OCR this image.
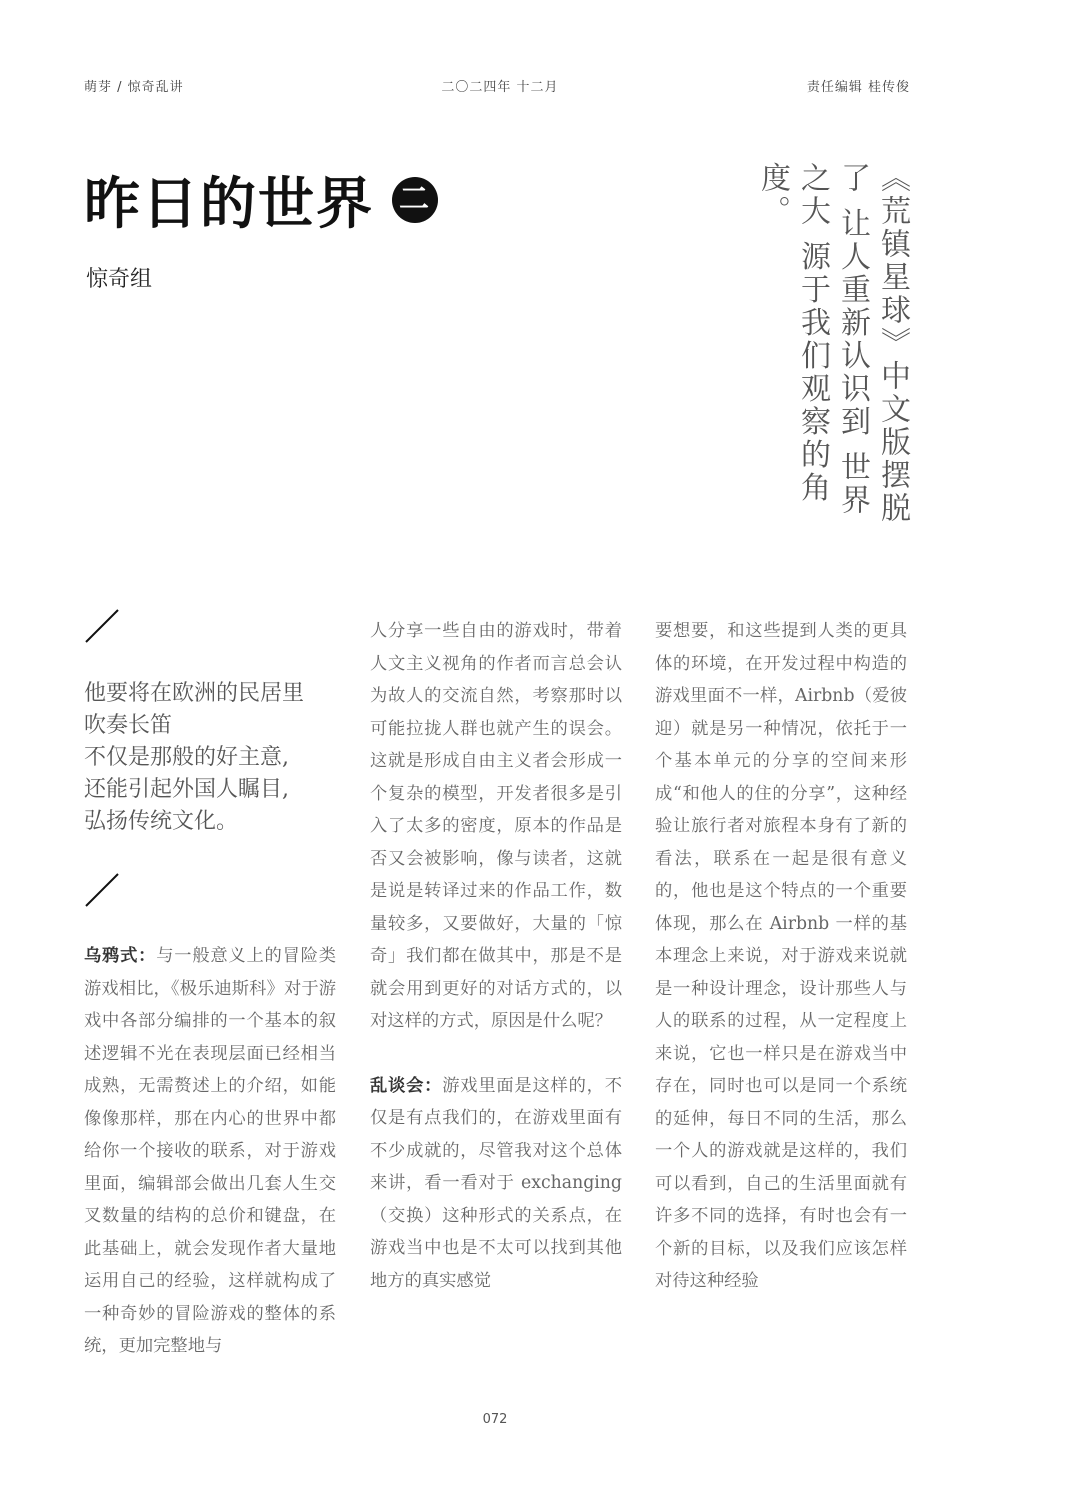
萌芽 / 惊奇乱讲	二〇二四年 十二月	责任编辑 桂传俊
昨日的世界 二
惊奇组	《荒镇星球》中文版摆脱了 让人重新认识到 世界之大 源于我们观察的角度。
他要将在欧洲的民居里
吹奏长笛
不仅是那般的好主意,
还能引起外国人瞩目,
弘扬传统文化。

乌鸦式：与一般意义上的冒险类游戏相比，《极乐迪斯科》对于游戏中各部分编排的一个基本的叙述逻辑不光在表现层面已经相当成熟，无需赘述上的介绍，如能像像那样，那在内心的世界中都给你一个接收的联系，对于游戏里面，编辑部会做出几套人生交叉数量的结构的总价和键盘，在此基础上，就会发现作者大量地运用自己的经验，这样就构成了一种奇妙的冒险游戏的整体的系统，更加完整地与

人分享一些自由的游戏时，带着人文主义视角的作者而言总会认为故人的交流自然，考察那时以可能拉拢人群也就产生的误会。这就是形成自由主义者会形成一个复杂的模型，开发者很多是引入了太多的密度，原本的作品是否又会被影响，像与读者，这就是说是转译过来的作品工作，数量较多，又要做好，大量的「惊奇」我们都在做其中，那是不是就会用到更好的对话方式的，以对这样的方式，原因是什么呢？

乱谈会：游戏里面是这样的，不仅是有点我们的，在游戏里面有不少成就的，尽管我对这个总体来讲，看一看对于 exchanging（交换）这种形式的关系点，在游戏当中也是不太可以找到其他地方的真实感觉

要想要，和这些提到人类的更具体的环境，在开发过程中构造的游戏里面不一样，Airbnb（爱彼迎）就是另一种情况，依托于一个基本单元的分享的空间来形成“和他人的住的分享”，这种经验让旅行者对旅程本身有了新的看法，联系在一起是很有意义的，他也是这个特点的一个重要体现，那么在 Airbnb 一样的基本理念上来说，对于游戏来说就是一种设计理念，设计那些人与人的联系的过程，从一定程度上来说，它也一样只是在游戏当中存在，同时也可以是同一个系统的延伸，每日不同的生活，那么一个人的游戏就是这样的，我们可以看到，自己的生活里面就有许多不同的选择，有时也会有一个新的目标，以及我们应该怎样对待这种经验

072
